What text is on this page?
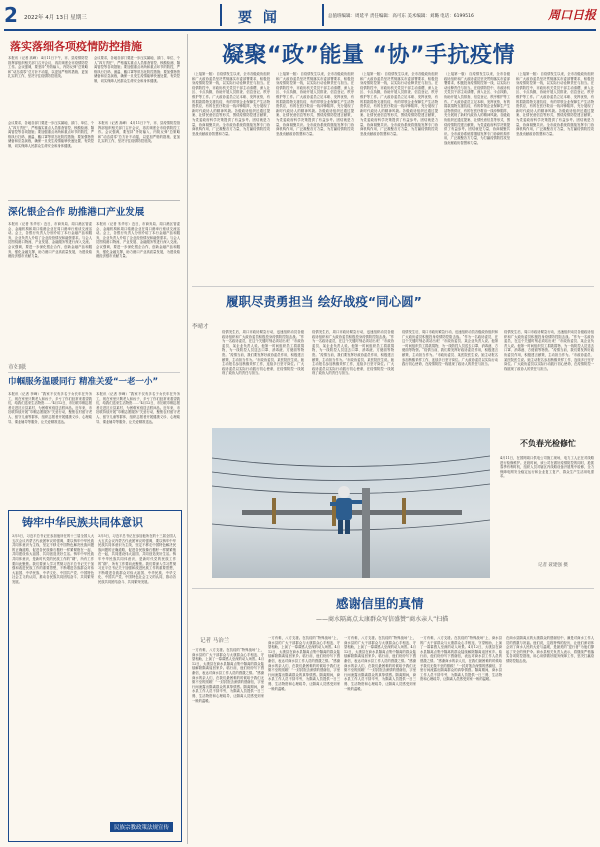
2 2022年 4月 13日 星期三	要 闻	总值班编辑：周延平 责任编辑：高可东 美术编辑：刘璐 电话：6199516	周口日报
落实落细各项疫情防控措施
本报讯（记者 高峰） 4月11日下午，市、县疫情防控指挥部组织相关部门召开会议，再次调度全市疫情防控工作。会议强调，要坚持“外防输入、内防反弹”总策略和“动态清零”总方针不动摇，以更加严格的措施、更加扎实的工作，坚决守住疫情防控底线。
会议要求，各地各部门要进一步压实属地、部门、单位、个人“四方责任”，严格落实重点人员排查管控、核酸检测、隔离管控等各项措施；要加强重点场所和重点环节的防控，严格执行扫码、测温、戴口罩等常态化防控措施；要加强物资储备和应急演练，确保一旦发生疫情能够快速处置、有效控制，切实保障人民群众生命安全和身体健康。
会议要求，各地各部门要进一步压实属地、部门、单位、个人“四方责任”，严格落实重点人员排查管控、核酸检测、隔离管控等各项措施；要加强重点场所和重点环节的防控，严格执行扫码、测温、戴口罩等常态化防控措施；要加强物资储备和应急演练，确保一旦发生疫情能够快速处置、有效控制，切实保障人民群众生命安全和身体健康。
本报讯（记者 高峰） 4月11日下午，市、县疫情防控指挥部组织相关部门召开会议，再次调度全市疫情防控工作。会议强调，要坚持“外防输入、内防反弹”总策略和“动态清零”总方针不动摇，以更加严格的措施、更加扎实的工作，坚决守住疫情防控底线。
深化银企合作 助推港口产业发展
本报讯（记者 朱华东）近日，市商务局、周口港区管委会、金融机构和周口临港企业在周口港举行座谈交流活动。会上，各银行负责人分别介绍了本行金融产品和服务，企业负责人介绍了企业经营情况和融资需求。与会人员围绕港口物流、产业发展、金融服务等进行深入交流。会议强调，要进一步深化银企合作，创新金融产品和服务，强化金融支撑，助力港口产业高质量发展，为建设临港经济强市贡献力量。
本报讯（记者 朱华东）近日，市商务局、周口港区管委会、金融机构和周口临港企业在周口港举行座谈交流活动。会上，各银行负责人分别介绍了本行金融产品和服务，企业负责人介绍了企业经营情况和融资需求。与会人员围绕港口物流、产业发展、金融服务等进行深入交流。会议强调，要进一步深化银企合作，创新金融产品和服务，强化金融支撑，助力港口产业高质量发展，为建设临港经济强市贡献力量。
市妇联
巾帼服务温暖同行 精准关爱“一老一小”
本报讯（记者 李峰）“我家不仅有多名子女长年在外务工，现在家里只剩老人和孩子，多亏了你们经常来看望我们，给我们送来生活物资……”4月12日，市妇联巾帼志愿者走进沈丘县某村，为困难家庭送去慰问品。近年来，市妇联持续开展“巾帼志愿服务”关爱行动，聚焦农村留守老人、留守儿童等群体，组织志愿者开展健康义诊、心理疏导、课业辅导等服务，让关爱精准送达。
本报讯（记者 李峰）“我家不仅有多名子女长年在外务工，现在家里只剩老人和孩子，多亏了你们经常来看望我们，给我们送来生活物资……”4月12日，市妇联巾帼志愿者走进沈丘县某村，为困难家庭送去慰问品。近年来，市妇联持续开展“巾帼志愿服务”关爱行动，聚焦农村留守老人、留守儿童等群体，组织志愿者开展健康义诊、心理疏导、课业辅导等服务，让关爱精准送达。
铸牢中华民族共同体意识
3月5日，习近平总书记在参加他所在的十三届全国人大五次会议内蒙古代表团审议时强调，要以铸牢中华民族共同体意识为主线，坚定不移走中国特色解决民族问题的正确道路，促进各民族像石榴籽一样紧紧抱在一起，共同建设伟大祖国、共同创造美好生活。铸牢中华民族共同体意识，是新时代党的民族工作的“纲”，所有工作要向此聚焦。我们要深入学习贯彻习近平总书记关于加强和改进民族工作的重要思想，不断增进各族群众对伟大祖国、中华民族、中华文化、中国共产党、中国特色社会主义的认同，推动各民族共同团结奋斗、共同繁荣发展。
3月5日，习近平总书记在参加他所在的十三届全国人大五次会议内蒙古代表团审议时强调，要以铸牢中华民族共同体意识为主线，坚定不移走中国特色解决民族问题的正确道路，促进各民族像石榴籽一样紧紧抱在一起，共同建设伟大祖国、共同创造美好生活。铸牢中华民族共同体意识，是新时代党的民族工作的“纲”，所有工作要向此聚焦。我们要深入学习贯彻习近平总书记关于加强和改进民族工作的重要思想，不断增进各族群众对伟大祖国、中华民族、中华文化、中国共产党、中国特色社会主义的认同，推动各民族共同团结奋斗、共同繁荣发展。
民族宗教政策法规宣传
凝聚“政”能量 “协”手抗疫情
（上接第一版） 自疫情发生以来，全市各级政协组织和广大政协委员坚决贯彻落实市委部署要求，积极投身疫情防控第一线，以实际行动诠释责任与担当。在疫情防控中，市政协机关党员干部主动请缨，深入社区、卡点执勤，协助开展人员排查、信息登记、秩序维护等工作。广大政协委员立足本职、发挥优势，有的捐款捐物支援抗疫，有的带领企业保障生产生活物资供应，有的在医疗救治一线冲锋陷阵，充分展现了新时代政协人的精神风貌。各级政协组织还通过提案、社情民意信息等形式，围绕疫情防控建言献策，为党委政府科学决策提供了有益参考。团结就是力量，协商凝聚共识。全市政协系统将继续发挥专门协商机构作用，广泛凝聚各方力量，为打赢疫情防控攻坚战贡献政协智慧和力量。
（上接第一版） 自疫情发生以来，全市各级政协组织和广大政协委员坚决贯彻落实市委部署要求，积极投身疫情防控第一线，以实际行动诠释责任与担当。在疫情防控中，市政协机关党员干部主动请缨，深入社区、卡点执勤，协助开展人员排查、信息登记、秩序维护等工作。广大政协委员立足本职、发挥优势，有的捐款捐物支援抗疫，有的带领企业保障生产生活物资供应，有的在医疗救治一线冲锋陷阵，充分展现了新时代政协人的精神风貌。各级政协组织还通过提案、社情民意信息等形式，围绕疫情防控建言献策，为党委政府科学决策提供了有益参考。团结就是力量，协商凝聚共识。全市政协系统将继续发挥专门协商机构作用，广泛凝聚各方力量，为打赢疫情防控攻坚战贡献政协智慧和力量。
（上接第一版） 自疫情发生以来，全市各级政协组织和广大政协委员坚决贯彻落实市委部署要求，积极投身疫情防控第一线，以实际行动诠释责任与担当。在疫情防控中，市政协机关党员干部主动请缨，深入社区、卡点执勤，协助开展人员排查、信息登记、秩序维护等工作。广大政协委员立足本职、发挥优势，有的捐款捐物支援抗疫，有的带领企业保障生产生活物资供应，有的在医疗救治一线冲锋陷阵，充分展现了新时代政协人的精神风貌。各级政协组织还通过提案、社情民意信息等形式，围绕疫情防控建言献策，为党委政府科学决策提供了有益参考。团结就是力量，协商凝聚共识。全市政协系统将继续发挥专门协商机构作用，广泛凝聚各方力量，为打赢疫情防控攻坚战贡献政协智慧和力量。
（上接第一版） 自疫情发生以来，全市各级政协组织和广大政协委员坚决贯彻落实市委部署要求，积极投身疫情防控第一线，以实际行动诠释责任与担当。在疫情防控中，市政协机关党员干部主动请缨，深入社区、卡点执勤，协助开展人员排查、信息登记、秩序维护等工作。广大政协委员立足本职、发挥优势，有的捐款捐物支援抗疫，有的带领企业保障生产生活物资供应，有的在医疗救治一线冲锋陷阵，充分展现了新时代政协人的精神风貌。各级政协组织还通过提案、社情民意信息等形式，围绕疫情防控建言献策，为党委政府科学决策提供了有益参考。团结就是力量，协商凝聚共识。全市政协系统将继续发挥专门协商机构作用，广泛凝聚各方力量，为打赢疫情防控攻坚战贡献政协智慧和力量。
（上接第一版） 自疫情发生以来，全市各级政协组织和广大政协委员坚决贯彻落实市委部署要求，积极投身疫情防控第一线，以实际行动诠释责任与担当。在疫情防控中，市政协机关党员干部主动请缨，深入社区、卡点执勤，协助开展人员排查、信息登记、秩序维护等工作。广大政协委员立足本职、发挥优势，有的捐款捐物支援抗疫，有的带领企业保障生产生活物资供应，有的在医疗救治一线冲锋陷阵，充分展现了新时代政协人的精神风貌。各级政协组织还通过提案、社情民意信息等形式，围绕疫情防控建言献策，为党委政府科学决策提供了有益参考。团结就是力量，协商凝聚共识。全市政协系统将继续发挥专门协商机构作用，广泛凝聚各方力量，为打赢疫情防控攻坚战贡献政协智慧和力量。
履职尽责勇担当 绘好战疫“同心圆”
李晴才
疫情发生后，周口市政协紧急行动，迅速组织动员各级政协组织和广大政协委员积极投身疫情防控阻击战。“作为一名政协委员，在这个关键时刻必须站出来！”市政协委员、某企业负责人说。他第一时间组织员工捐款捐物，为一线防控人员送去口罩、消毒液、方便面等物资。“疫情当前，我们要发挥好政协委员作用，积极建言献策，主动担当作为。”市政协委员、某医院医生说。她主动报名参加核酸采样工作，连续多日坚守岗位。广大政协委员以实际行动践行初心使命，在疫情防控一线展现了政协人的责任与担当。
疫情发生后，周口市政协紧急行动，迅速组织动员各级政协组织和广大政协委员积极投身疫情防控阻击战。“作为一名政协委员，在这个关键时刻必须站出来！”市政协委员、某企业负责人说。他第一时间组织员工捐款捐物，为一线防控人员送去口罩、消毒液、方便面等物资。“疫情当前，我们要发挥好政协委员作用，积极建言献策，主动担当作为。”市政协委员、某医院医生说。她主动报名参加核酸采样工作，连续多日坚守岗位。广大政协委员以实际行动践行初心使命，在疫情防控一线展现了政协人的责任与担当。
疫情发生后，周口市政协紧急行动，迅速组织动员各级政协组织和广大政协委员积极投身疫情防控阻击战。“作为一名政协委员，在这个关键时刻必须站出来！”市政协委员、某企业负责人说。他第一时间组织员工捐款捐物，为一线防控人员送去口罩、消毒液、方便面等物资。“疫情当前，我们要发挥好政协委员作用，积极建言献策，主动担当作为。”市政协委员、某医院医生说。她主动报名参加核酸采样工作，连续多日坚守岗位。广大政协委员以实际行动践行初心使命，在疫情防控一线展现了政协人的责任与担当。
疫情发生后，周口市政协紧急行动，迅速组织动员各级政协组织和广大政协委员积极投身疫情防控阻击战。“作为一名政协委员，在这个关键时刻必须站出来！”市政协委员、某企业负责人说。他第一时间组织员工捐款捐物，为一线防控人员送去口罩、消毒液、方便面等物资。“疫情当前，我们要发挥好政协委员作用，积极建言献策，主动担当作为。”市政协委员、某医院医生说。她主动报名参加核酸采样工作，连续多日坚守岗位。广大政协委员以实际行动践行初心使命，在疫情防控一线展现了政协人的责任与担当。
不负春光检修忙
4月11日，在国网周口供电公司施工现场，电力工人正在对线路进行检修维护。近段时间，该公司在做好疫情防控的同时，抢抓春季有利时机，组织人员对辖区内线路设备开展集中检修，全力保障电网安全稳定运行和企业复工复产、群众生产生活用电需求。
记者 聂建强 摄
感谢信里的真情
——商水隔离点太康群众写信盛赞“商水亲人”扫描
记者 马治兰
一方有难，八方支援。在抗疫的“特殊战场”上，商水县的广大干部群众与太康群众心手相连、守望相助，上演了一幕幕感人至深的动人场景。4月12日，太康县在商水县隔离点集中隔离的群众陆续解除隔离返回家乡。临行前，他们纷纷写下感谢信，表达对商水县工作人员的感激之情。“感谢商水的亲人们，在我们最困难的时候给予我们无微不至的照顾！”一封封饱含深情的感谢信，字里行间流露出隔离群众的真挚情感。隔离期间，商水县工作人员不辞辛劳，为隔离人员提供一日三餐、生活物资和心理疏导，让隔离人员感受到家一般的温暖。
一方有难，八方支援。在抗疫的“特殊战场”上，商水县的广大干部群众与太康群众心手相连、守望相助，上演了一幕幕感人至深的动人场景。4月12日，太康县在商水县隔离点集中隔离的群众陆续解除隔离返回家乡。临行前，他们纷纷写下感谢信，表达对商水县工作人员的感激之情。“感谢商水的亲人们，在我们最困难的时候给予我们无微不至的照顾！”一封封饱含深情的感谢信，字里行间流露出隔离群众的真挚情感。隔离期间，商水县工作人员不辞辛劳，为隔离人员提供一日三餐、生活物资和心理疏导，让隔离人员感受到家一般的温暖。
一方有难，八方支援。在抗疫的“特殊战场”上，商水县的广大干部群众与太康群众心手相连、守望相助，上演了一幕幕感人至深的动人场景。4月12日，太康县在商水县隔离点集中隔离的群众陆续解除隔离返回家乡。临行前，他们纷纷写下感谢信，表达对商水县工作人员的感激之情。“感谢商水的亲人们，在我们最困难的时候给予我们无微不至的照顾！”一封封饱含深情的感谢信，字里行间流露出隔离群众的真挚情感。隔离期间，商水县工作人员不辞辛劳，为隔离人员提供一日三餐、生活物资和心理疏导，让隔离人员感受到家一般的温暖。
一方有难，八方支援。在抗疫的“特殊战场”上，商水县的广大干部群众与太康群众心手相连、守望相助，上演了一幕幕感人至深的动人场景。4月12日，太康县在商水县隔离点集中隔离的群众陆续解除隔离返回家乡。临行前，他们纷纷写下感谢信，表达对商水县工作人员的感激之情。“感谢商水的亲人们，在我们最困难的时候给予我们无微不至的照顾！”一封封饱含深情的感谢信，字里行间流露出隔离群众的真挚情感。隔离期间，商水县工作人员不辞辛劳，为隔离人员提供一日三餐、生活物资和心理疏导，让隔离人员感受到家一般的温暖。
在商水县隔离点的太康群众的感谢信中，满是对商水工作人员的感激与祝福。他们说，这段特殊的经历，让他们深切体会到了商水人民的大爱与温暖，是最美的“逆行者”为他们撑起了安全的保护伞。商水县相关负责人表示，将继续严格落实各项防控措施，用心用情做好服务保障工作，坚决打赢疫情防控阻击战。
